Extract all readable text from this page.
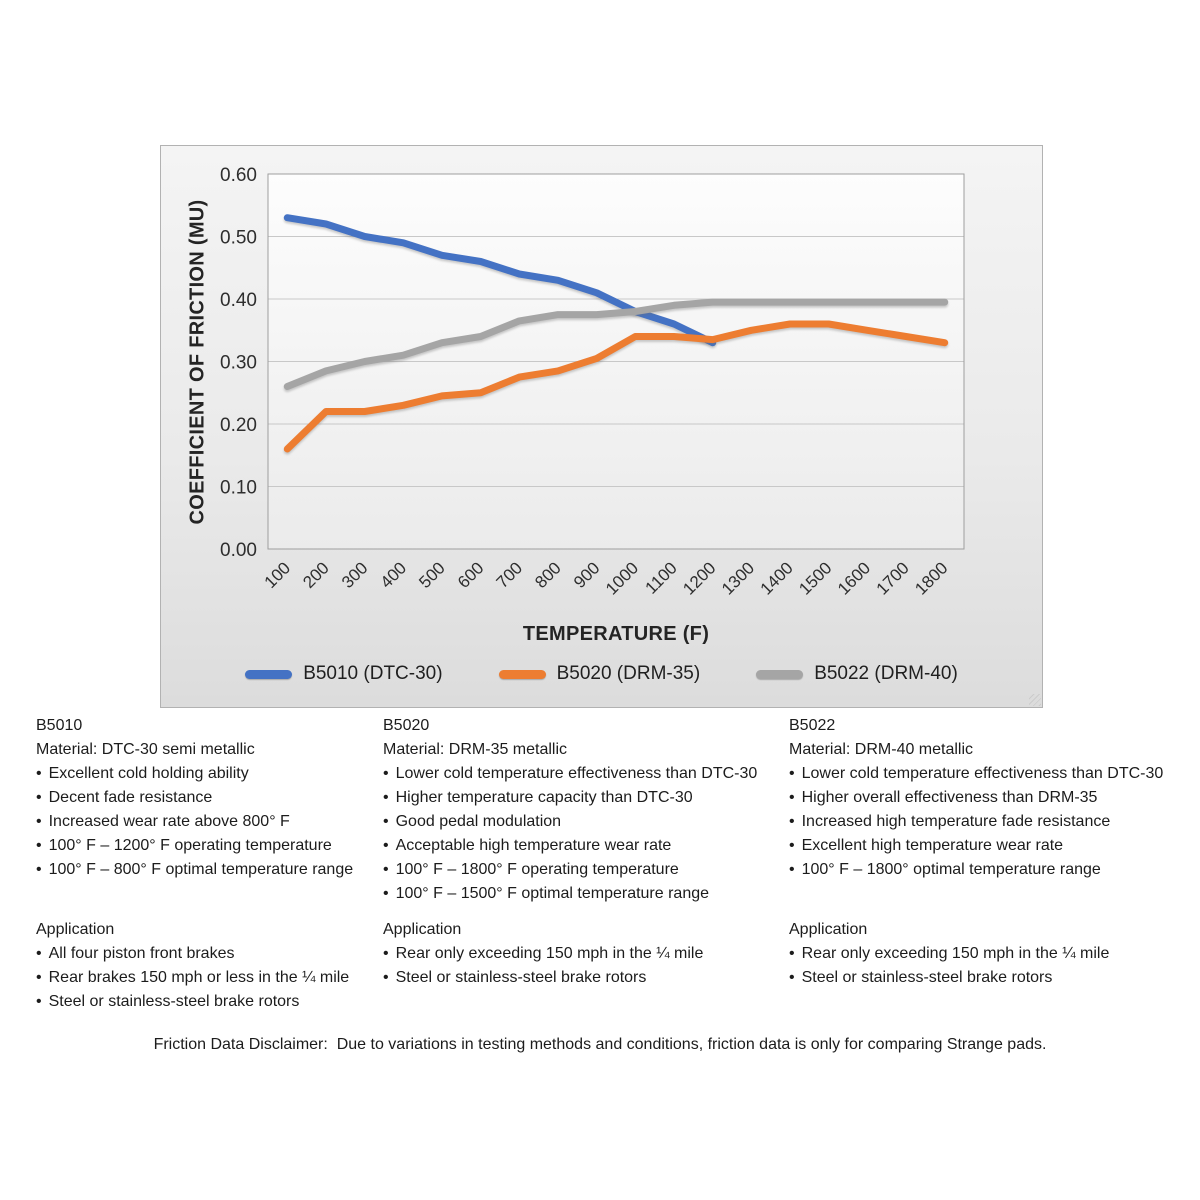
0.00
0.10
0.20
0.30
0.40
0.50
0.60
100 200 300 400 500 600 700 800 900
1000 1100
1200
1300
1400
1500
1600
1700
1800
COEFFICIENT OF FRICTION (MU)
TEMPERATURE (F)
B5010 (DTC-30)	B5020 (DRM-35)	B5022 (DRM-40)
B5010
Material: DTC-30 semi metallic
• Excellent cold holding ability
• Decent fade resistance
• Increased wear rate above 800° F
• 100° F – 1200° F operating temperature
• 100° F – 800° F optimal temperature range
B5020
Material: DRM-35 metallic
• Lower cold temperature effectiveness than DTC-30
• Higher temperature capacity than DTC-30
• Good pedal modulation
• Acceptable high temperature wear rate
• 100° F – 1800° F operating temperature
• 100° F – 1500° F optimal temperature range
B5022
Material: DRM-40 metallic
• Lower cold temperature effectiveness than DTC-30
• Higher overall effectiveness than DRM-35
• Increased high temperature fade resistance
• Excellent high temperature wear rate
• 100° F – 1800° optimal temperature range
Application
• All four piston front brakes
• Rear brakes 150 mph or less in the ¼ mile
• Steel or stainless-steel brake rotors
Application
• Rear only exceeding 150 mph in the ¼ mile
• Steel or stainless-steel brake rotors
Application
• Rear only exceeding 150 mph in the ¼ mile
• Steel or stainless-steel brake rotors

Friction Data Disclaimer:  Due to variations in testing methods and conditions, friction data is only for comparing Strange pads.
